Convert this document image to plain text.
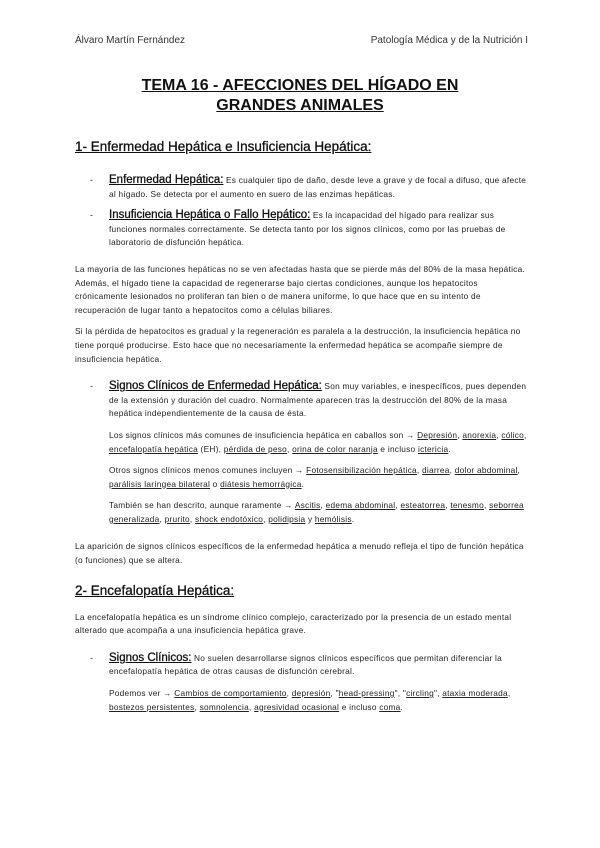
Álvaro Martín Fernández	Patología Médica y de la Nutrición I
TEMA 16 - AFECCIONES DEL HÍGADO EN
GRANDES ANIMALES
1- Enfermedad Hepática e Insuficiencia Hepática:

- Enfermedad Hepática: Es cualquier tipo de daño, desde leve a grave y de focal a difuso, que afecte al hígado. Se detecta por el aumento en suero de las enzimas hepáticas.

- Insuficiencia Hepática o Fallo Hepático: Es la incapacidad del hígado para realizar sus funciones normales correctamente. Se detecta tanto por los signos clínicos, como por las pruebas de laboratorio de disfunción hepática.

La mayoría de las funciones hepáticas no se ven afectadas hasta que se pierde más del 80% de la masa hepática. Además, el hígado tiene la capacidad de regenerarse bajo ciertas condiciones, aunque los hepatocitos crónicamente lesionados no proliferan tan bien o de manera uniforme, lo que hace que en su intento de recuperación de lugar tanto a hepatocitos como a células biliares.

Si la pérdida de hepatocitos es gradual y la regeneración es paralela a la destrucción, la insuficiencia hepática no tiene porqué producirse. Esto hace que no necesariamente la enfermedad hepática se acompañe siempre de insuficiencia hepática.

- Signos Clínicos de Enfermedad Hepática: Son muy variables, e inespecíficos, pues dependen de la extensión y duración del cuadro. Normalmente aparecen tras la destrucción del 80% de la masa hepática independientemente de la causa de ésta.

Los signos clínicos más comunes de insuficiencia hepática en caballos son → Depresión, anorexia, cólico, encefalopatía hepática (EH), pérdida de peso, orina de color naranja e incluso ictericia.

Otros signos clínicos menos comunes incluyen → Fotosensibilización hepática, diarrea, dolor abdominal, parálisis laríngea bilateral o diátesis hemorrágica.

También se han descrito, aunque raramente → Ascitis, edema abdominal, esteatorrea, tenesmo, seborrea generalizada, prurito, shock endotóxico, polidipsia y hemólisis.

La aparición de signos clínicos específicos de la enfermedad hepática a menudo refleja el tipo de función hepática (o funciones) que se altera.

2- Encefalopatía Hepática:

La encefalopatía hepática es un síndrome clínico complejo, caracterizado por la presencia de un estado mental alterado que acompaña a una insuficiencia hepática grave.

- Signos Clínicos: No suelen desarrollarse signos clínicos específicos que permitan diferenciar la encefalopatía hepática de otras causas de disfunción cerebral.

Podemos ver → Cambios de comportamiento, depresión, "head-pressing", "circling", ataxia moderada, bostezos persistentes, somnolencia, agresividad ocasional e incluso coma.
